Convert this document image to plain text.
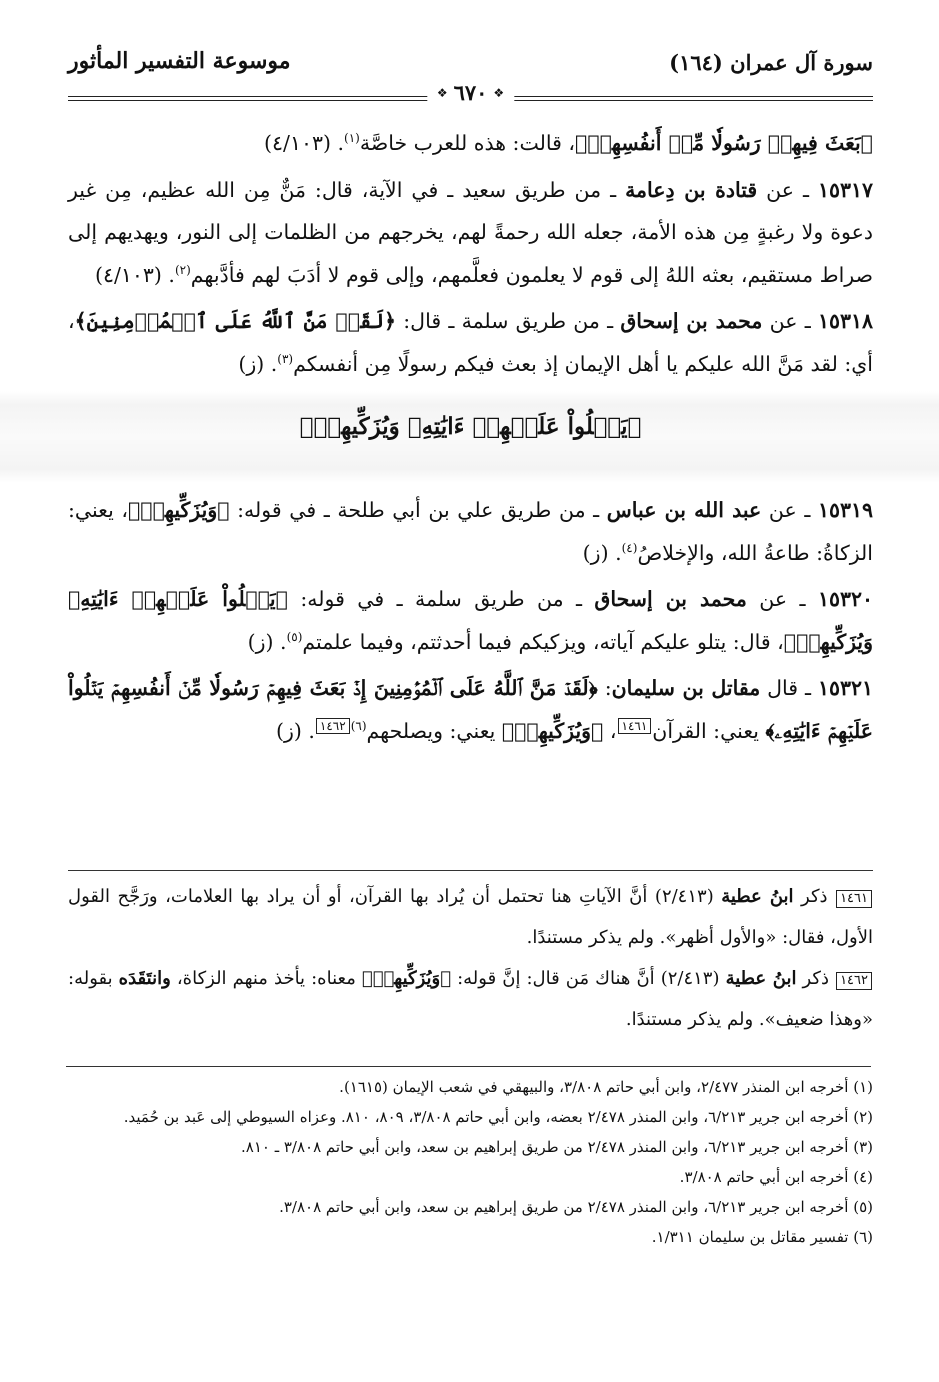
سورة آل عمران (١٦٤)
موسوعة التفسير المأثور
❖
٦٧٠
❖

﴿بَعَثَ فِيهِمۡ رَسُولٗا مِّنۡ أَنفُسِهِمۡ﴾، قالت: هذه للعرب خاصَّة$^{(١)}$. (٤/١٠٣)

١٥٣١٧ ـ عن قتادة بن دِعامة ـ من طريق سعيد ـ في الآية، قال: مَنٌّ مِن الله عظيم، مِن غير دعوة ولا رغبةٍ مِن هذه الأمة، جعله الله رحمةً لهم، يخرجهم من الظلمات إلى النور، ويهديهم إلى صراط مستقيم، بعثه اللهُ إلى قوم لا يعلمون فعلَّمهم، وإلى قوم لا أدَبَ لهم فأدَّبهم$^{(٢)}$. (٤/١٠٣)

١٥٣١٨ ـ عن محمد بن إسحاق ـ من طريق سلمة ـ قال: ﴿لَقَدۡ مَنَّ ٱللَّهُ عَلَى ٱلۡمُؤۡمِنِينَ﴾، أي: لقد مَنَّ الله عليكم يا أهل الإيمان إذ بعث فيكم رسولًا مِن أنفسكم$^{(٣)}$. (ز)

﴿يَتۡلُواْ عَلَيۡهِمۡ ءَايَٰتِهِۦ وَيُزَكِّيهِمۡ﴾

١٥٣١٩ ـ عن عبد الله بن عباس ـ من طريق علي بن أبي طلحة ـ في قوله: ﴿وَيُزَكِّيهِمۡ﴾، يعني: الزكاةُ: طاعةُ الله، والإخلاصُ$^{(٤)}$. (ز)

١٥٣٢٠ ـ عن محمد بن إسحاق ـ من طريق سلمة ـ في قوله: ﴿يَتۡلُواْ عَلَيۡهِمۡ ءَايَٰتِهِۦ وَيُزَكِّيهِمۡ﴾، قال: يتلو عليكم آياته، ويزكيكم فيما أحدثتم، وفيما علمتم$^{(٥)}$. (ز)

١٥٣٢١ ـ قال مقاتل بن سليمان: ﴿لَقَدۡ مَنَّ ٱللَّهُ عَلَى ٱلۡمُؤۡمِنِينَ إِذۡ بَعَثَ فِيهِمۡ رَسُولٗا مِّنۡ أَنفُسِهِمۡ يَتۡلُواْ عَلَيۡهِمۡ ءَايَٰتِهِۦ﴾ يعني: القرآن١٤٦١، ﴿وَيُزَكِّيهِمۡ﴾ يعني: ويصلحهم$^{(٦)}$١٤٦٢. (ز)

١٤٦١ ذكر ابنُ عطية (٢/٤١٣) أنَّ الآياتِ هنا تحتمل أن يُراد بها القرآن، أو أن يراد بها العلامات، ورَجَّح القول الأول، فقال: «والأول أظهر». ولم يذكر مستندًا.

١٤٦٢ ذكر ابنُ عطية (٢/٤١٣) أنَّ هناك مَن قال: إنَّ قوله: ﴿وَيُزَكِّيهِمۡ﴾ معناه: يأخذ منهم الزكاة، وانتَقَدَه بقوله: «وهذا ضعيف». ولم يذكر مستندًا.

(١) أخرجه ابن المنذر ٢/٤٧٧، وابن أبي حاتم ٣/٨٠٨، والبيهقي في شعب الإيمان (١٦١٥).

(٢) أخرجه ابن جرير ٦/٢١٣، وابن المنذر ٢/٤٧٨ بعضه، وابن أبي حاتم ٣/٨٠٨، ٨٠٩، ٨١٠. وعزاه السيوطي إلى عَبد بن حُمَيد.

(٣) أخرجه ابن جرير ٦/٢١٣، وابن المنذر ٢/٤٧٨ من طريق إبراهيم بن سعد، وابن أبي حاتم ٣/٨٠٨ ـ ٨١٠.

(٤) أخرجه ابن أبي حاتم ٣/٨٠٨.

(٥) أخرجه ابن جرير ٦/٢١٣، وابن المنذر ٢/٤٧٨ من طريق إبراهيم بن سعد، وابن أبي حاتم ٣/٨٠٨.

(٦) تفسير مقاتل بن سليمان ١/٣١١.
